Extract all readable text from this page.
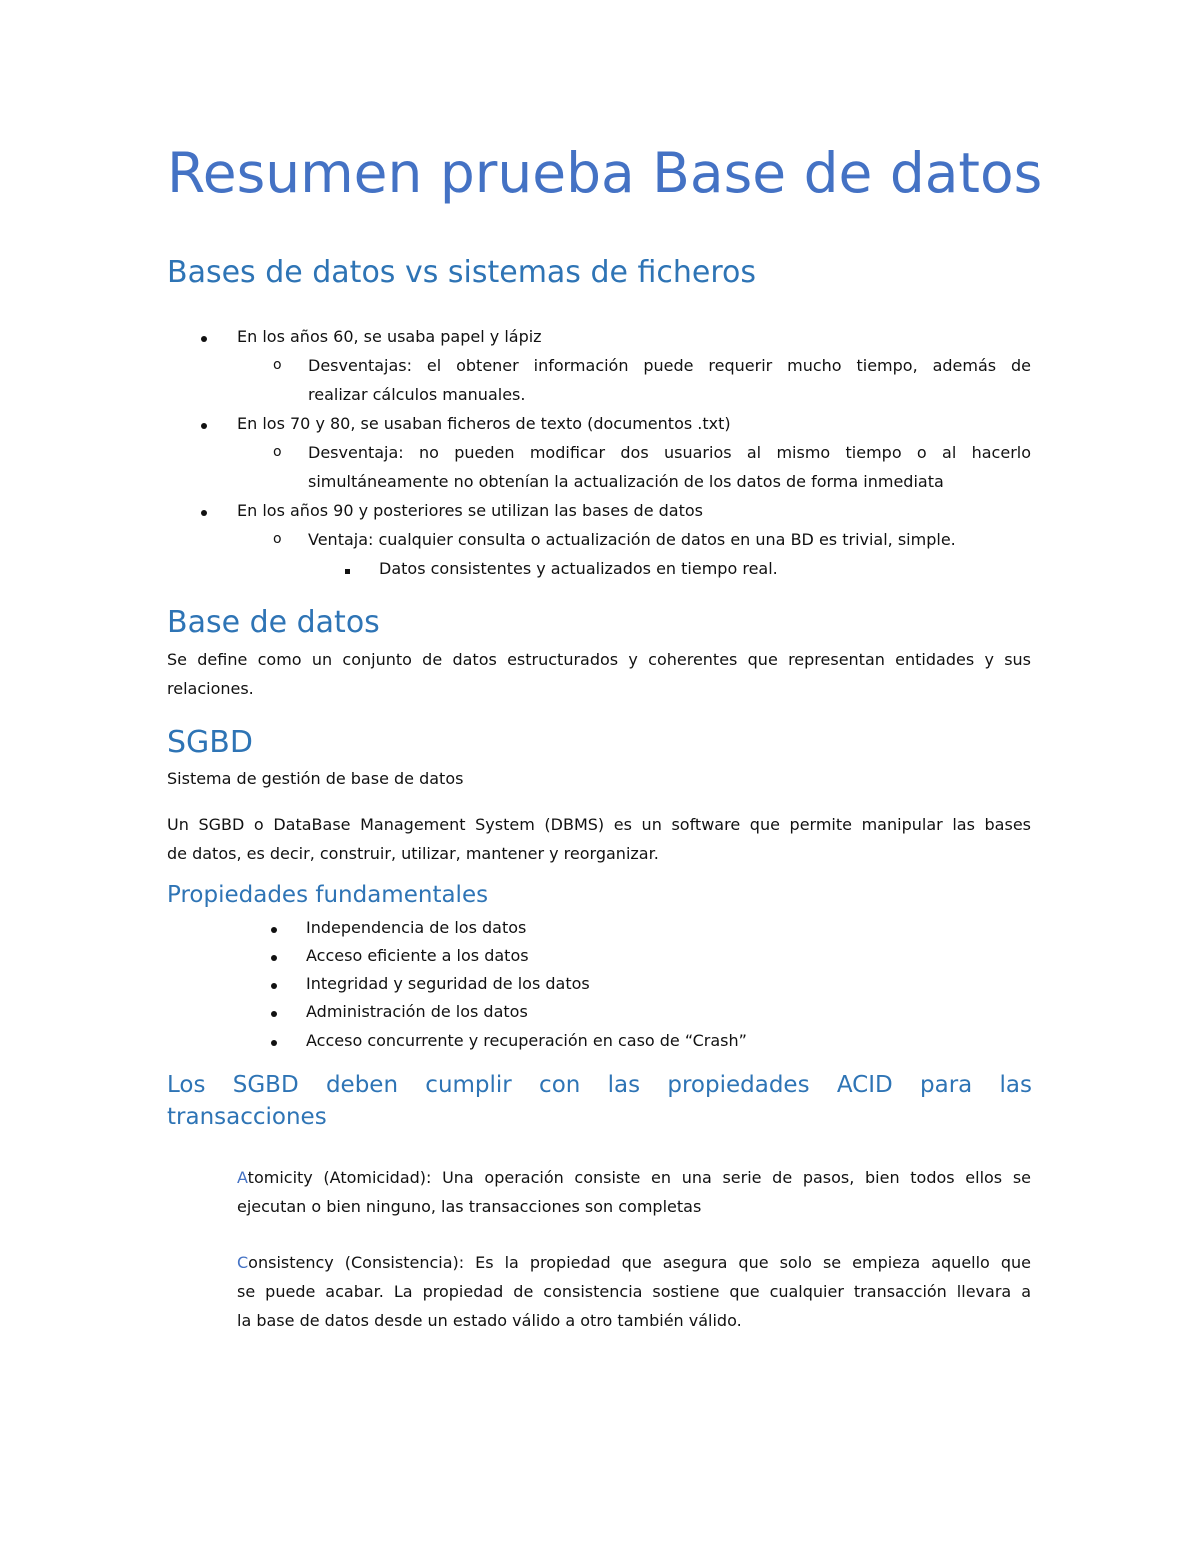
Resumen prueba Base de datos
Bases de datos vs sistemas de ficheros

En los años 60, se usaba papel y lápiz

o Desventajas: el obtener información puede requerir mucho tiempo, además de

realizar cálculos manuales.

En los 70 y 80, se usaban ficheros de texto (documentos .txt)

o Desventaja: no pueden modificar dos usuarios al mismo tiempo o al hacerlo

simultáneamente no obtenían la actualización de los datos de forma inmediata

En los años 90 y posteriores se utilizan las bases de datos

o Ventaja: cualquier consulta o actualización de datos en una BD es trivial, simple.

Datos consistentes y actualizados en tiempo real.

Base de datos

Se define como un conjunto de datos estructurados y coherentes que representan entidades y sus

relaciones.

SGBD

Sistema de gestión de base de datos

Un SGBD o DataBase Management System (DBMS) es un software que permite manipular las bases

de datos, es decir, construir, utilizar, mantener y reorganizar.

Propiedades fundamentales

Independencia de los datos

Acceso eficiente a los datos

Integridad y seguridad de los datos

Administración de los datos

Acceso concurrente y recuperación en caso de “Crash”

Los SGBD deben cumplir con las propiedades ACID para las
transacciones

Atomicity (Atomicidad): Una operación consiste en una serie de pasos, bien todos ellos se

ejecutan o bien ninguno, las transacciones son completas

Consistency (Consistencia): Es la propiedad que asegura que solo se empieza aquello que

se puede acabar. La propiedad de consistencia sostiene que cualquier transacción llevara a

la base de datos desde un estado válido a otro también válido.
